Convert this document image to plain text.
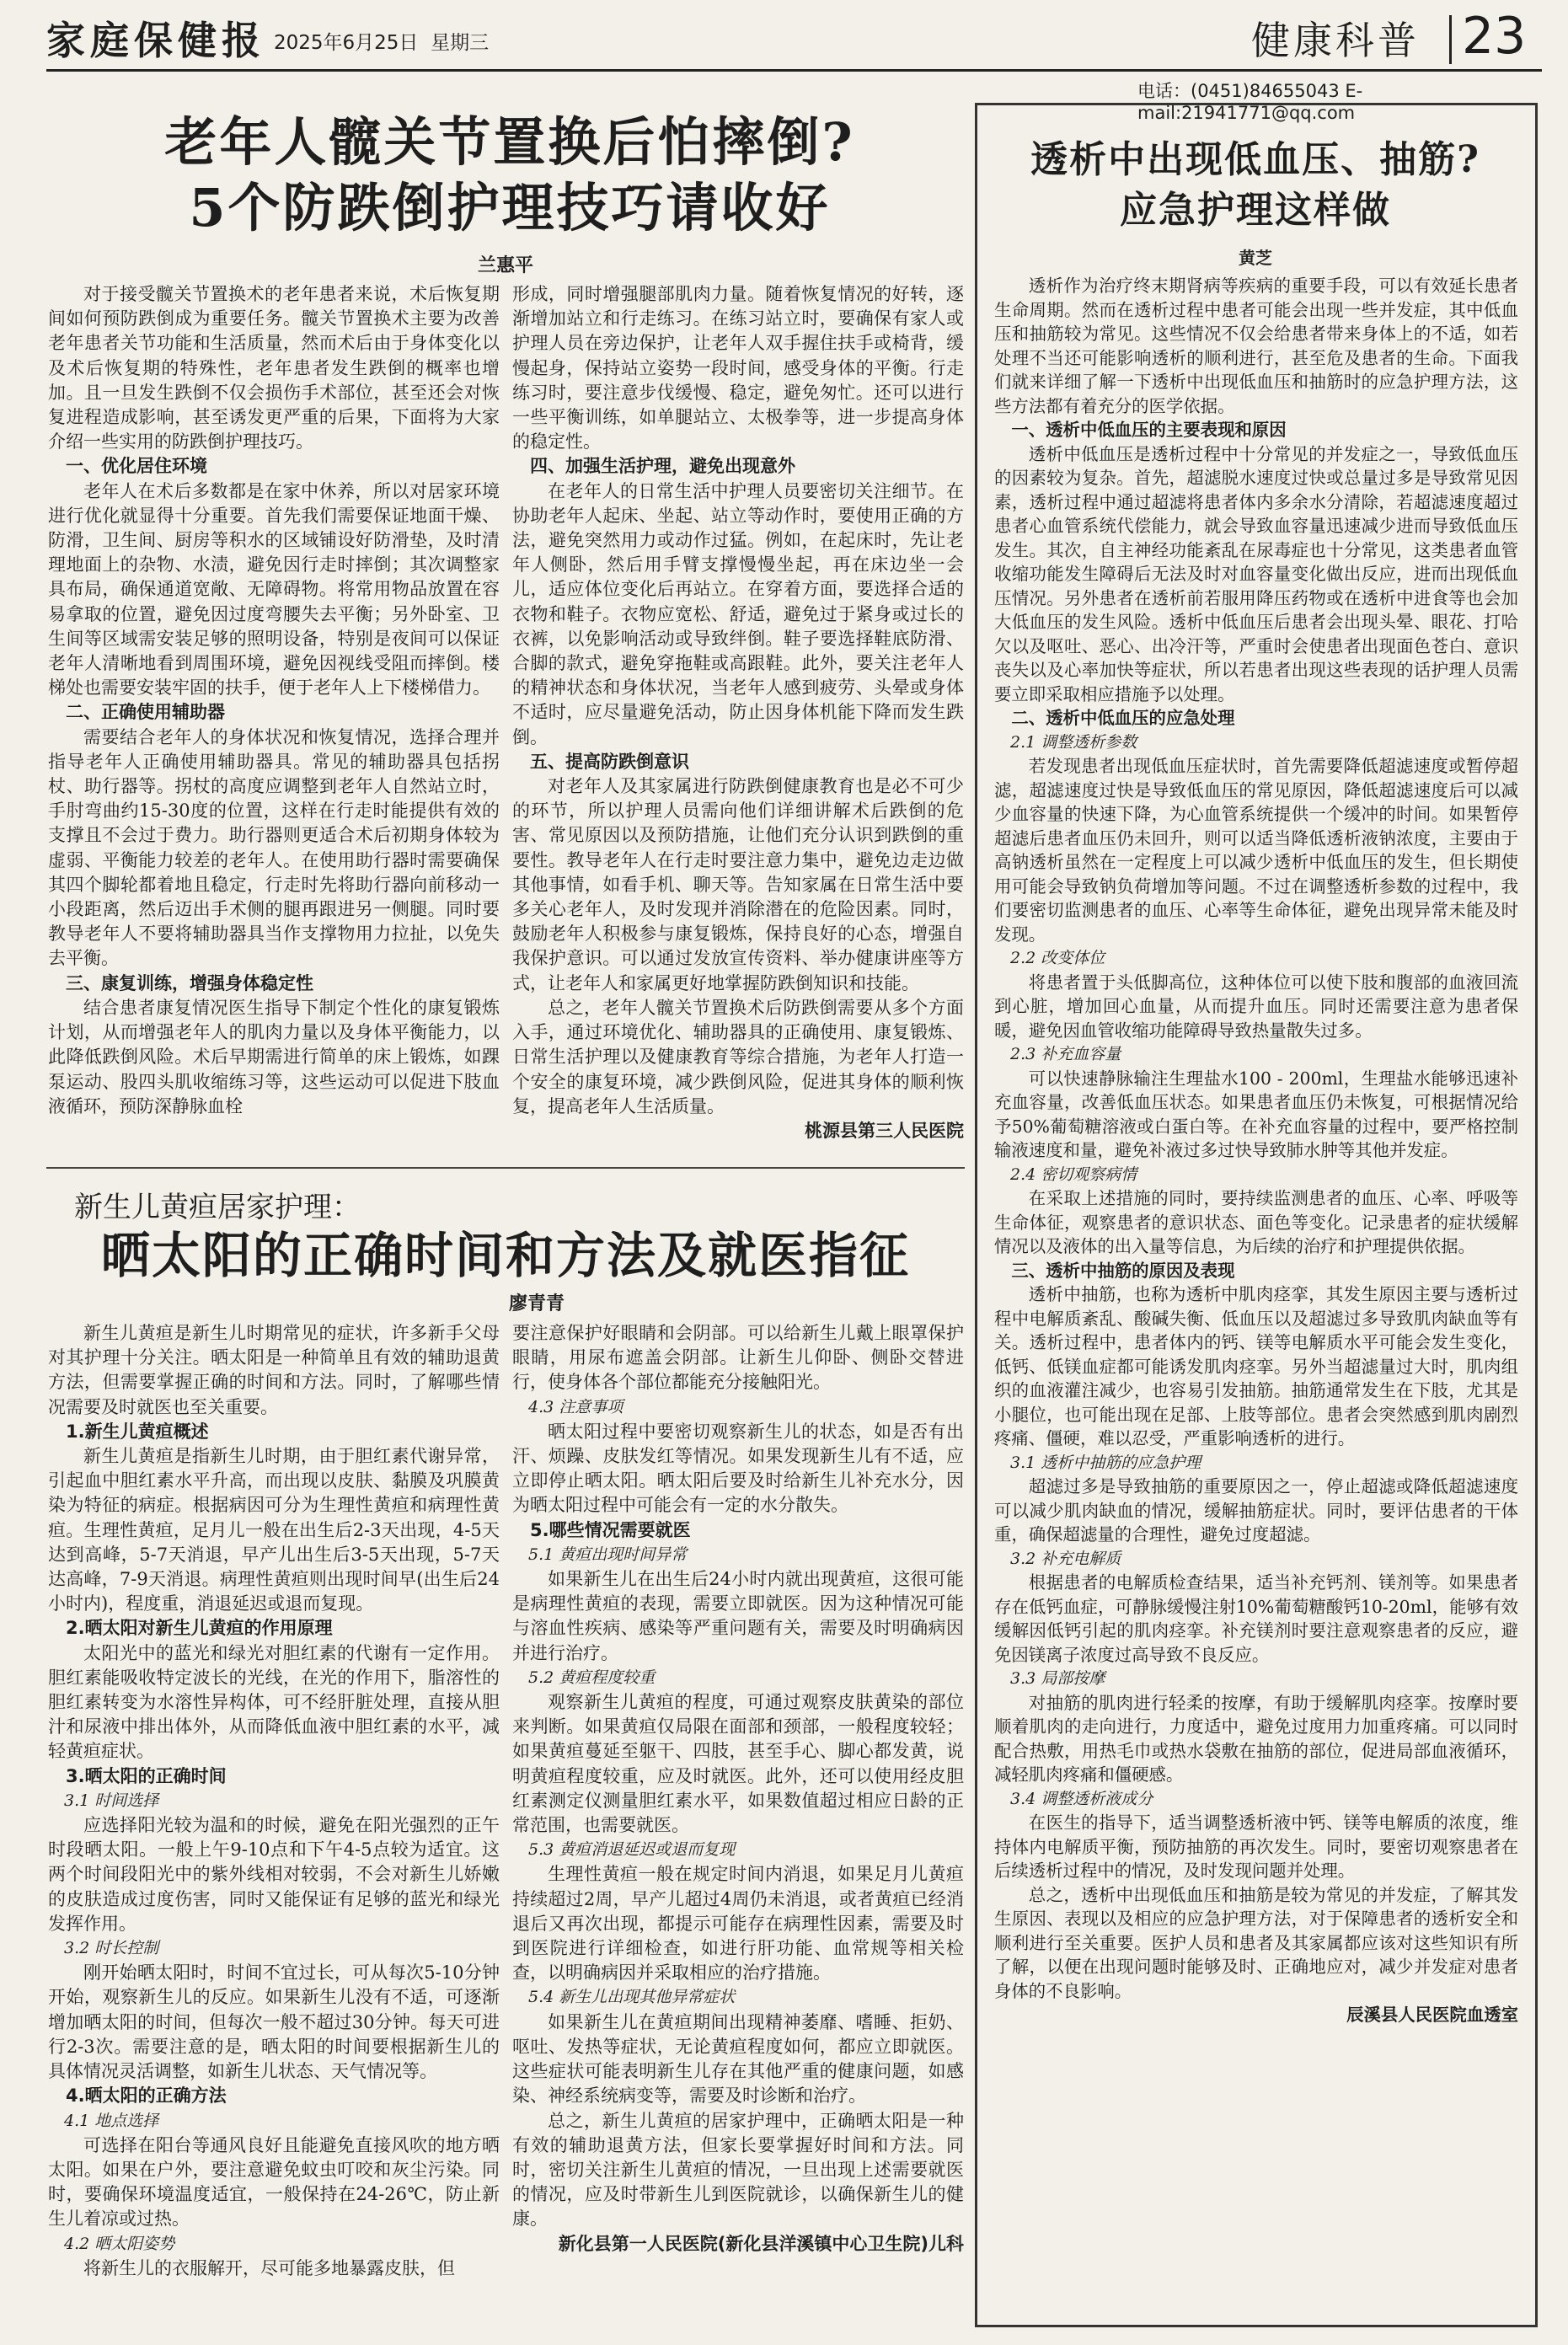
家庭保健报 2025年6月25日 星期三	健康科普 23
电话：(0451)84655043 E-mail:21941771@qq.com
老年人髋关节置换后怕摔倒?
5个防跌倒护理技巧请收好
兰惠平

对于接受髋关节置换术的老年患者来说，术后恢复期间如何预防跌倒成为重要任务。髋关节置换术主要为改善老年患者关节功能和生活质量，然而术后由于身体变化以及术后恢复期的特殊性，老年患者发生跌倒的概率也增加。且一旦发生跌倒不仅会损伤手术部位，甚至还会对恢复进程造成影响，甚至诱发更严重的后果，下面将为大家介绍一些实用的防跌倒护理技巧。

一、优化居住环境

老年人在术后多数都是在家中休养，所以对居家环境进行优化就显得十分重要。首先我们需要保证地面干燥、防滑，卫生间、厨房等积水的区域铺设好防滑垫，及时清理地面上的杂物、水渍，避免因行走时摔倒；其次调整家具布局，确保通道宽敞、无障碍物。将常用物品放置在容易拿取的位置，避免因过度弯腰失去平衡；另外卧室、卫生间等区域需安装足够的照明设备，特别是夜间可以保证老年人清晰地看到周围环境，避免因视线受阻而摔倒。楼梯处也需要安装牢固的扶手，便于老年人上下楼梯借力。

二、正确使用辅助器

需要结合老年人的身体状况和恢复情况，选择合理并指导老年人正确使用辅助器具。常见的辅助器具包括拐杖、助行器等。拐杖的高度应调整到老年人自然站立时，手肘弯曲约15-30度的位置，这样在行走时能提供有效的支撑且不会过于费力。助行器则更适合术后初期身体较为虚弱、平衡能力较差的老年人。在使用助行器时需要确保其四个脚轮都着地且稳定，行走时先将助行器向前移动一小段距离，然后迈出手术侧的腿再跟进另一侧腿。同时要教导老年人不要将辅助器具当作支撑物用力拉扯，以免失去平衡。

三、康复训练，增强身体稳定性

结合患者康复情况医生指导下制定个性化的康复锻炼计划，从而增强老年人的肌肉力量以及身体平衡能力，以此降低跌倒风险。术后早期需进行简单的床上锻炼，如踝泵运动、股四头肌收缩练习等，这些运动可以促进下肢血液循环，预防深静脉血栓

形成，同时增强腿部肌肉力量。随着恢复情况的好转，逐渐增加站立和行走练习。在练习站立时，要确保有家人或护理人员在旁边保护，让老年人双手握住扶手或椅背，缓慢起身，保持站立姿势一段时间，感受身体的平衡。行走练习时，要注意步伐缓慢、稳定，避免匆忙。还可以进行一些平衡训练，如单腿站立、太极拳等，进一步提高身体的稳定性。

四、加强生活护理，避免出现意外

在老年人的日常生活中护理人员要密切关注细节。在协助老年人起床、坐起、站立等动作时，要使用正确的方法，避免突然用力或动作过猛。例如，在起床时，先让老年人侧卧，然后用手臂支撑慢慢坐起，再在床边坐一会儿，适应体位变化后再站立。在穿着方面，要选择合适的衣物和鞋子。衣物应宽松、舒适，避免过于紧身或过长的衣裤，以免影响活动或导致绊倒。鞋子要选择鞋底防滑、合脚的款式，避免穿拖鞋或高跟鞋。此外，要关注老年人的精神状态和身体状况，当老年人感到疲劳、头晕或身体不适时，应尽量避免活动，防止因身体机能下降而发生跌倒。

五、提高防跌倒意识

对老年人及其家属进行防跌倒健康教育也是必不可少的环节，所以护理人员需向他们详细讲解术后跌倒的危害、常见原因以及预防措施，让他们充分认识到跌倒的重要性。教导老年人在行走时要注意力集中，避免边走边做其他事情，如看手机、聊天等。告知家属在日常生活中要多关心老年人，及时发现并消除潜在的危险因素。同时，鼓励老年人积极参与康复锻炼，保持良好的心态，增强自我保护意识。可以通过发放宣传资料、举办健康讲座等方式，让老年人和家属更好地掌握防跌倒知识和技能。

总之，老年人髋关节置换术后防跌倒需要从多个方面入手，通过环境优化、辅助器具的正确使用、康复锻炼、日常生活护理以及健康教育等综合措施，为老年人打造一个安全的康复环境，减少跌倒风险，促进其身体的顺利恢复，提高老年人生活质量。

桃源县第三人民医院

新生儿黄疸居家护理：
晒太阳的正确时间和方法及就医指征
廖青青

新生儿黄疸是新生儿时期常见的症状，许多新手父母对其护理十分关注。晒太阳是一种简单且有效的辅助退黄方法，但需要掌握正确的时间和方法。同时，了解哪些情况需要及时就医也至关重要。

1.新生儿黄疸概述

新生儿黄疸是指新生儿时期，由于胆红素代谢异常，引起血中胆红素水平升高，而出现以皮肤、黏膜及巩膜黄染为特征的病症。根据病因可分为生理性黄疸和病理性黄疸。生理性黄疸，足月儿一般在出生后2-3天出现，4-5天达到高峰，5-7天消退，早产儿出生后3-5天出现，5-7天达高峰，7-9天消退。病理性黄疸则出现时间早(出生后24小时内)，程度重，消退延迟或退而复现。

2.晒太阳对新生儿黄疸的作用原理

太阳光中的蓝光和绿光对胆红素的代谢有一定作用。胆红素能吸收特定波长的光线，在光的作用下，脂溶性的胆红素转变为水溶性异构体，可不经肝脏处理，直接从胆汁和尿液中排出体外，从而降低血液中胆红素的水平，减轻黄疸症状。

3.晒太阳的正确时间

3.1 时间选择

应选择阳光较为温和的时候，避免在阳光强烈的正午时段晒太阳。一般上午9-10点和下午4-5点较为适宜。这两个时间段阳光中的紫外线相对较弱，不会对新生儿娇嫩的皮肤造成过度伤害，同时又能保证有足够的蓝光和绿光发挥作用。

3.2 时长控制

刚开始晒太阳时，时间不宜过长，可从每次5-10分钟开始，观察新生儿的反应。如果新生儿没有不适，可逐渐增加晒太阳的时间，但每次一般不超过30分钟。每天可进行2-3次。需要注意的是，晒太阳的时间要根据新生儿的具体情况灵活调整，如新生儿状态、天气情况等。

4.晒太阳的正确方法

4.1 地点选择

可选择在阳台等通风良好且能避免直接风吹的地方晒太阳。如果在户外，要注意避免蚊虫叮咬和灰尘污染。同时，要确保环境温度适宜，一般保持在24-26℃，防止新生儿着凉或过热。

4.2 晒太阳姿势

将新生儿的衣服解开，尽可能多地暴露皮肤，但

要注意保护好眼睛和会阴部。可以给新生儿戴上眼罩保护眼睛，用尿布遮盖会阴部。让新生儿仰卧、侧卧交替进行，使身体各个部位都能充分接触阳光。

4.3 注意事项

晒太阳过程中要密切观察新生儿的状态，如是否有出汗、烦躁、皮肤发红等情况。如果发现新生儿有不适，应立即停止晒太阳。晒太阳后要及时给新生儿补充水分，因为晒太阳过程中可能会有一定的水分散失。

5.哪些情况需要就医

5.1 黄疸出现时间异常

如果新生儿在出生后24小时内就出现黄疸，这很可能是病理性黄疸的表现，需要立即就医。因为这种情况可能与溶血性疾病、感染等严重问题有关，需要及时明确病因并进行治疗。

5.2 黄疸程度较重

观察新生儿黄疸的程度，可通过观察皮肤黄染的部位来判断。如果黄疸仅局限在面部和颈部，一般程度较轻；如果黄疸蔓延至躯干、四肢，甚至手心、脚心都发黄，说明黄疸程度较重，应及时就医。此外，还可以使用经皮胆红素测定仪测量胆红素水平，如果数值超过相应日龄的正常范围，也需要就医。

5.3 黄疸消退延迟或退而复现

生理性黄疸一般在规定时间内消退，如果足月儿黄疸持续超过2周，早产儿超过4周仍未消退，或者黄疸已经消退后又再次出现，都提示可能存在病理性因素，需要及时到医院进行详细检查，如进行肝功能、血常规等相关检查，以明确病因并采取相应的治疗措施。

5.4 新生儿出现其他异常症状

如果新生儿在黄疸期间出现精神萎靡、嗜睡、拒奶、呕吐、发热等症状，无论黄疸程度如何，都应立即就医。这些症状可能表明新生儿存在其他严重的健康问题，如感染、神经系统病变等，需要及时诊断和治疗。

总之，新生儿黄疸的居家护理中，正确晒太阳是一种有效的辅助退黄方法，但家长要掌握好时间和方法。同时，密切关注新生儿黄疸的情况，一旦出现上述需要就医的情况，应及时带新生儿到医院就诊，以确保新生儿的健康。

新化县第一人民医院(新化县洋溪镇中心卫生院)儿科

透析中出现低血压、抽筋?
应急护理这样做
黄芝

透析作为治疗终末期肾病等疾病的重要手段，可以有效延长患者生命周期。然而在透析过程中患者可能会出现一些并发症，其中低血压和抽筋较为常见。这些情况不仅会给患者带来身体上的不适，如若处理不当还可能影响透析的顺利进行，甚至危及患者的生命。下面我们就来详细了解一下透析中出现低血压和抽筋时的应急护理方法，这些方法都有着充分的医学依据。

一、透析中低血压的主要表现和原因

透析中低血压是透析过程中十分常见的并发症之一，导致低血压的因素较为复杂。首先，超滤脱水速度过快或总量过多是导致常见因素，透析过程中通过超滤将患者体内多余水分清除，若超滤速度超过患者心血管系统代偿能力，就会导致血容量迅速减少进而导致低血压发生。其次，自主神经功能紊乱在尿毒症也十分常见，这类患者血管收缩功能发生障碍后无法及时对血容量变化做出反应，进而出现低血压情况。另外患者在透析前若服用降压药物或在透析中进食等也会加大低血压的发生风险。透析中低血压后患者会出现头晕、眼花、打哈欠以及呕吐、恶心、出冷汗等，严重时会使患者出现面色苍白、意识丧失以及心率加快等症状，所以若患者出现这些表现的话护理人员需要立即采取相应措施予以处理。

二、透析中低血压的应急处理

2.1 调整透析参数

若发现患者出现低血压症状时，首先需要降低超滤速度或暂停超滤，超滤速度过快是导致低血压的常见原因，降低超滤速度后可以减少血容量的快速下降，为心血管系统提供一个缓冲的时间。如果暂停超滤后患者血压仍未回升，则可以适当降低透析液钠浓度，主要由于高钠透析虽然在一定程度上可以减少透析中低血压的发生，但长期使用可能会导致钠负荷增加等问题。不过在调整透析参数的过程中，我们要密切监测患者的血压、心率等生命体征，避免出现异常未能及时发现。

2.2 改变体位

将患者置于头低脚高位，这种体位可以使下肢和腹部的血液回流到心脏，增加回心血量，从而提升血压。同时还需要注意为患者保暖，避免因血管收缩功能障碍导致热量散失过多。

2.3 补充血容量

可以快速静脉输注生理盐水100 - 200ml，生理盐水能够迅速补充血容量，改善低血压状态。如果患者血压仍未恢复，可根据情况给予50%葡萄糖溶液或白蛋白等。在补充血容量的过程中，要严格控制输液速度和量，避免补液过多过快导致肺水肿等其他并发症。

2.4 密切观察病情

在采取上述措施的同时，要持续监测患者的血压、心率、呼吸等生命体征，观察患者的意识状态、面色等变化。记录患者的症状缓解情况以及液体的出入量等信息，为后续的治疗和护理提供依据。

三、透析中抽筋的原因及表现

透析中抽筋，也称为透析中肌肉痉挛，其发生原因主要与透析过程中电解质紊乱、酸碱失衡、低血压以及超滤过多导致肌肉缺血等有关。透析过程中，患者体内的钙、镁等电解质水平可能会发生变化，低钙、低镁血症都可能诱发肌肉痉挛。另外当超滤量过大时，肌肉组织的血液灌注减少，也容易引发抽筋。抽筋通常发生在下肢，尤其是小腿位，也可能出现在足部、上肢等部位。患者会突然感到肌肉剧烈疼痛、僵硬，难以忍受，严重影响透析的进行。

3.1 透析中抽筋的应急护理

超滤过多是导致抽筋的重要原因之一，停止超滤或降低超滤速度可以减少肌肉缺血的情况，缓解抽筋症状。同时，要评估患者的干体重，确保超滤量的合理性，避免过度超滤。

3.2 补充电解质

根据患者的电解质检查结果，适当补充钙剂、镁剂等。如果患者存在低钙血症，可静脉缓慢注射10%葡萄糖酸钙10-20ml，能够有效缓解因低钙引起的肌肉痉挛。补充镁剂时要注意观察患者的反应，避免因镁离子浓度过高导致不良反应。

3.3 局部按摩

对抽筋的肌肉进行轻柔的按摩，有助于缓解肌肉痉挛。按摩时要顺着肌肉的走向进行，力度适中，避免过度用力加重疼痛。可以同时配合热敷，用热毛巾或热水袋敷在抽筋的部位，促进局部血液循环，减轻肌肉疼痛和僵硬感。

3.4 调整透析液成分

在医生的指导下，适当调整透析液中钙、镁等电解质的浓度，维持体内电解质平衡，预防抽筋的再次发生。同时，要密切观察患者在后续透析过程中的情况，及时发现问题并处理。

总之，透析中出现低血压和抽筋是较为常见的并发症，了解其发生原因、表现以及相应的应急护理方法，对于保障患者的透析安全和顺利进行至关重要。医护人员和患者及其家属都应该对这些知识有所了解，以便在出现问题时能够及时、正确地应对，减少并发症对患者身体的不良影响。

辰溪县人民医院血透室
